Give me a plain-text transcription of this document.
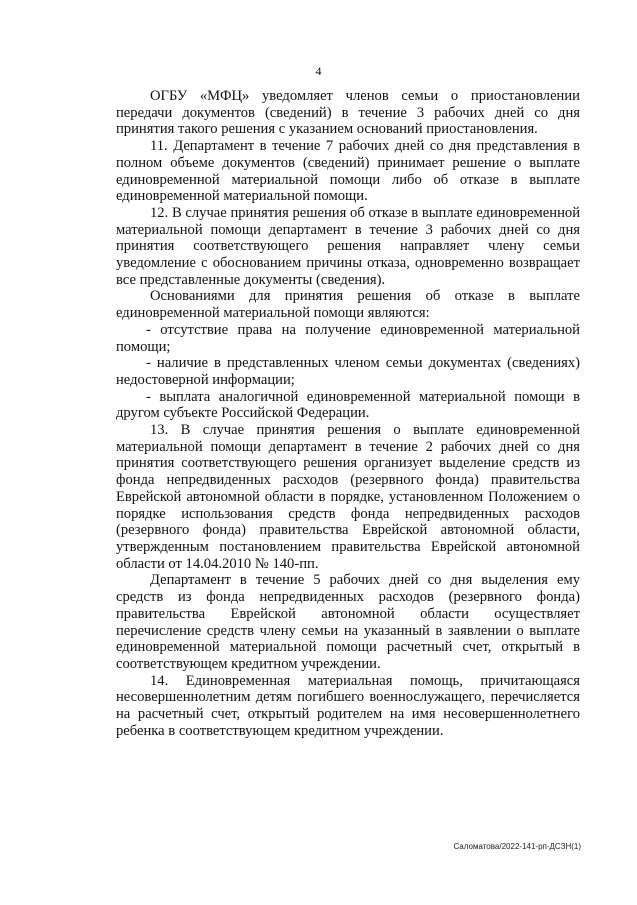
4

ОГБУ «МФЦ» уведомляет членов семьи о приостановлении передачи документов (сведений) в течение 3 рабочих дней со дня принятия такого решения с указанием оснований приостановления.

11. Департамент в течение 7 рабочих дней со дня представления в полном объеме документов (сведений) принимает решение о выплате единовременной материальной помощи либо об отказе в выплате единовременной материальной помощи.

12. В случае принятия решения об отказе в выплате единовременной материальной помощи департамент в течение 3 рабочих дней со дня принятия соответствующего решения направляет члену семьи уведомление с обоснованием причины отказа, одновременно возвращает все представленные документы (сведения).

Основаниями для принятия решения об отказе в выплате единовременной материальной помощи являются:

- отсутствие права на получение единовременной материальной помощи;

- наличие в представленных членом семьи документах (сведениях) недостоверной информации;

- выплата аналогичной единовременной материальной помощи в другом субъекте Российской Федерации.

13. В случае принятия решения о выплате единовременной материальной помощи департамент в течение 2 рабочих дней со дня принятия соответствующего решения организует выделение средств из фонда непредвиденных расходов (резервного фонда) правительства Еврейской автономной области в порядке, установленном Положением о порядке использования средств фонда непредвиденных расходов (резервного фонда) правительства Еврейской автономной области, утвержденным постановлением правительства Еврейской автономной области от 14.04.2010 № 140-пп.

Департамент в течение 5 рабочих дней со дня выделения ему средств из фонда непредвиденных расходов (резервного фонда) правительства Еврейской автономной области осуществляет перечисление средств члену семьи на указанный в заявлении о выплате единовременной материальной помощи расчетный счет, открытый в соответствующем кредитном учреждении.

14. Единовременная материальная помощь, причитающаяся несовершеннолетним детям погибшего военнослужащего, перечисляется на расчетный счет, открытый родителем на имя несовершеннолетнего ребенка в соответствующем кредитном учреждении.

Саломатова/2022-141-рп-ДСЗН(1)
